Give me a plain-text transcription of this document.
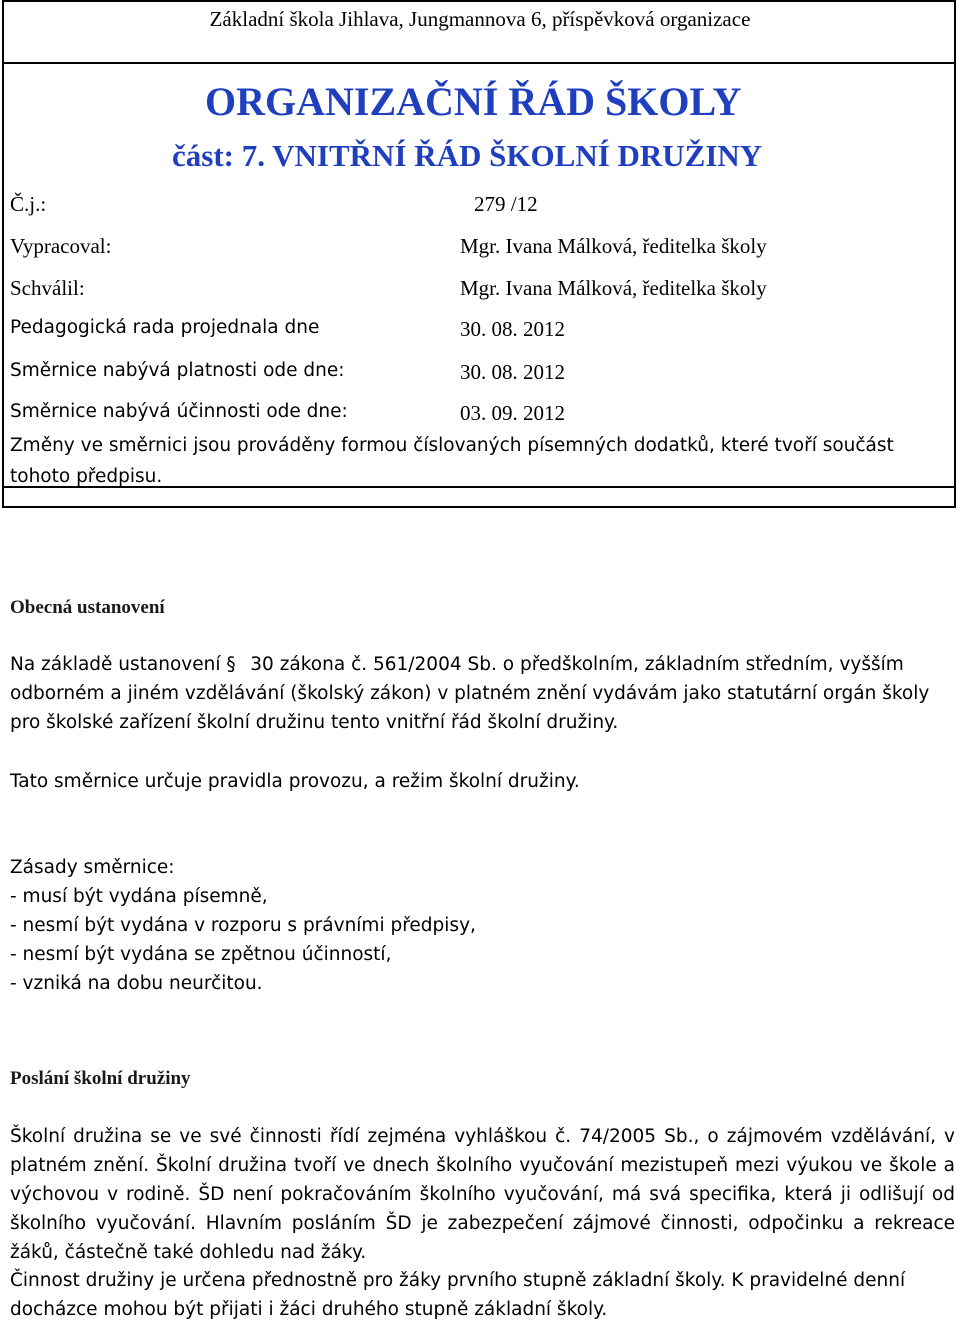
Základní škola Jihlava, Jungmannova 6, příspěvková organizace
ORGANIZAČNÍ ŘÁD ŠKOLY
část: 7. VNITŘNÍ ŘÁD ŠKOLNÍ DRUŽINY
Č.j.:	279 /12
Vypracoval:	Mgr. Ivana Málková, ředitelka školy
Schválil:	Mgr. Ivana Málková, ředitelka školy
Pedagogická rada projednala dne	30. 08. 2012
Směrnice nabývá platnosti ode dne:	30. 08. 2012
Směrnice nabývá účinnosti ode dne:	03. 09. 2012
Změny ve směrnici jsou prováděny formou číslovaných písemných dodatků, které tvoří součást tohoto předpisu.
Obecná ustanovení
Na základě ustanovení § 30 zákona č. 561/2004 Sb. o předškolním, základním středním, vyšším odborném a jiném vzdělávání (školský zákon) v platném znění vydávám jako statutární orgán školy pro školské zařízení školní družinu tento vnitřní řád školní družiny.
Tato směrnice určuje pravidla provozu, a režim školní družiny.
Zásady směrnice:
- musí být vydána písemně,
- nesmí být vydána v rozporu s právními předpisy,
- nesmí být vydána se zpětnou účinností,
- vzniká na dobu neurčitou.
Poslání školní družiny
Školní družina se ve své činnosti řídí zejména vyhláškou č. 74/2005 Sb., o zájmovém vzdělávání, v platném znění. Školní družina tvoří ve dnech školního vyučování mezistupeň mezi výukou ve škole a výchovou v rodině. ŠD není pokračováním školního vyučování, má svá specifika, která ji odlišují od školního vyučování. Hlavním posláním ŠD je zabezpečení zájmové činnosti, odpočinku a rekreace žáků, částečně také dohledu nad žáky.
Činnost družiny je určena přednostně pro žáky prvního stupně základní školy. K pravidelné denní docházce mohou být přijati i žáci druhého stupně základní školy.
